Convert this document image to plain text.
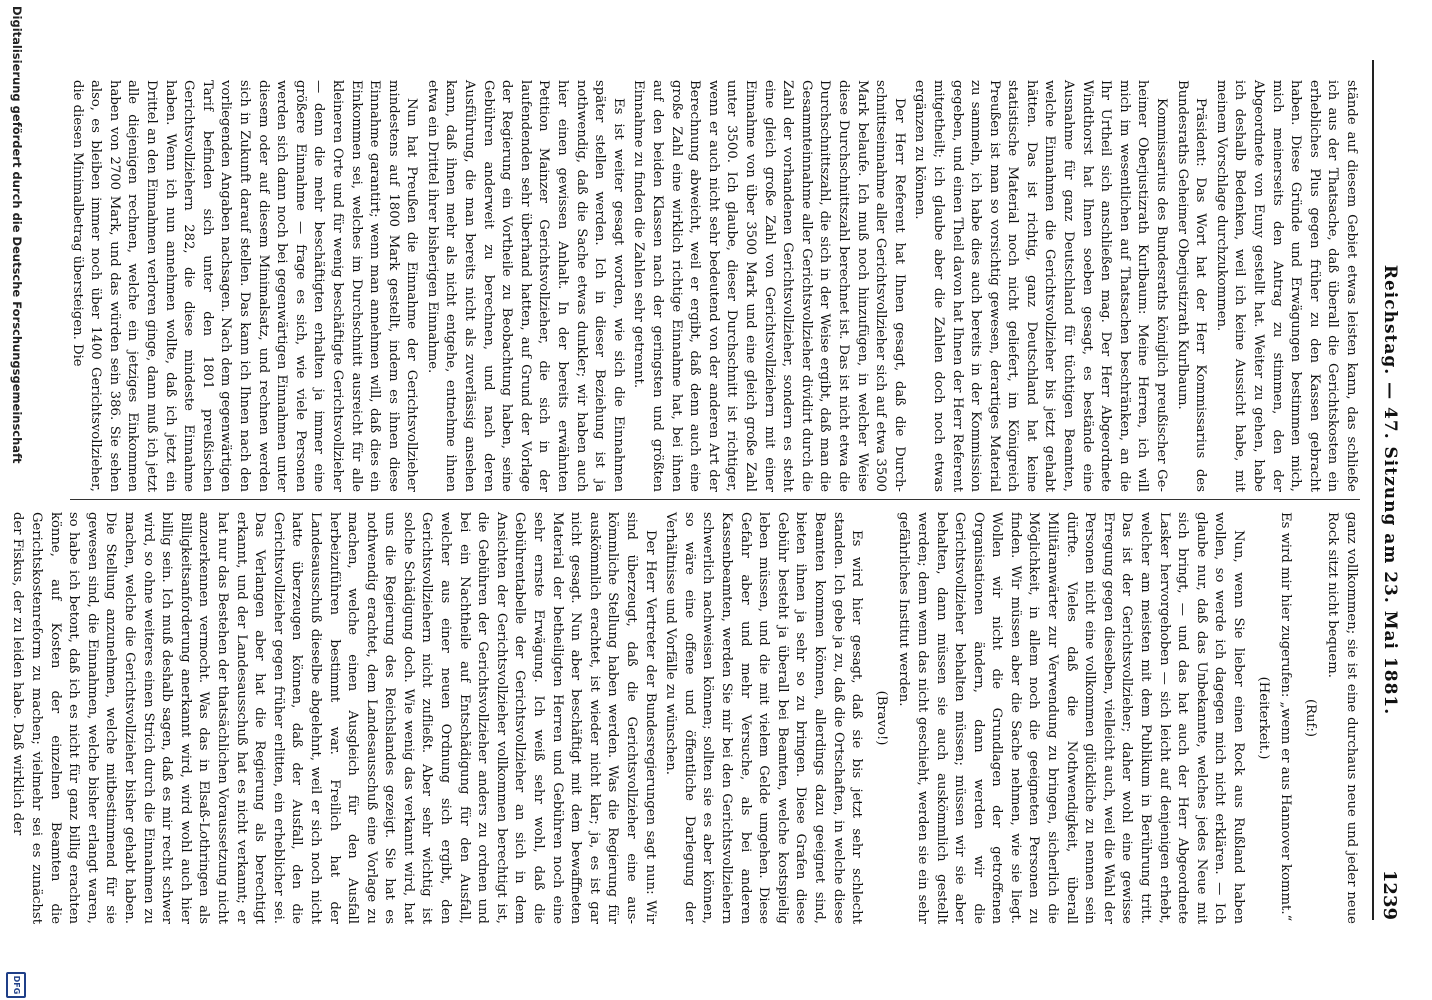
Reichstag. — 47. Sitzung am 23. Mai 1881.
1239

stände auf diesem Gebiet etwas leisten kann, das schließe ich aus der Thatsache, daß überall die Gerichtskosten ein erhebliches Plus gegen früher zu den Kassen gebracht haben. Diese Gründe und Erwägungen bestimmen mich, mich meinerseits den Antrag zu stimmen, den der Abgeordnete von Euny gestellt hat. Weiter zu gehen, habe ich deshalb Bedenken, weil ich keine Aussicht habe, mit meinem Vorschlage durchzukommen.

Präsident: Das Wort hat der Herr Kommissarius des Bundesraths Geheimer Oberjustizrath Kurlbaum.

Kommissarius des Bundesraths königlich preußischer Geheimer Oberjustizrath Kurlbaum: Meine Herren, ich will mich im wesentlichen auf Thatsachen beschränken, an die Ihr Urtheil sich anschließen mag. Der Herr Abgeordnete Windthorst hat Ihnen soeben gesagt, es bestände eine Ausnahme für ganz Deutschland für tüchtigen Beamten, welche Einnahmen die Gerichtsvollzieher bis jetzt gehabt hätten. Das ist richtig, ganz Deutschland hat keine statistische Material noch nicht geliefert, im Königreich Preußen ist man so vorsichtig gewesen, derartiges Material zu sammeln, ich habe dies auch bereits in der Kommission gegeben, und einen Theil davon hat Ihnen der Herr Referent mitgetheilt; ich glaube aber die Zahlen doch noch etwas ergänzen zu können.

Der Herr Referent hat Ihnen gesagt, daß die Durchschnittseinnahme aller Gerichtsvollzieher sich auf etwa 3500 Mark belaufe. Ich muß noch hinzufügen, in welcher Weise diese Durchschnittszahl berechnet ist. Das ist nicht etwa die Durchschnittszahl, die sich in der Weise ergibt, daß man die Gesammteinnahme aller Gerichtsvollzieher dividirt durch die Zahl der vorhandenen Gerichtsvollzieher, sondern es steht eine gleich große Zahl von Gerichtsvollziehern mit einer Einnahme von über 3500 Mark und eine gleich große Zahl unter 3500. Ich glaube, dieser Durchschnitt ist richtiger, wenn er auch nicht sehr bedeutend von der anderen Art der Berechnung abweicht, weil er ergibt, daß denn auch eine große Zahl eine wirklich richtige Einnahme hat, bei ihnen auf den beiden Klassen nach der geringsten und größten Einnahme zu finden die Zahlen sehr getrennt.

Es ist weiter gesagt worden, wie sich die Einnahmen später stellen werden. Ich in dieser Beziehung ist ja nothwendig, daß die Sache etwas dunkler; wir haben auch hier einen gewissen Anhalt. In der bereits erwähnten Petition Mainzer Gerichtsvollzieher, die sich in der laufendenden sehr überhand hatten, auf Grund der Vorlage der Regierung ein Vortheile zu Beobachtung haben, seine Gebühren anderweit zu berechnen, und nach deren Ausführung, die man bereits nicht als zuverlässig ansehen kann, daß ihnen mehr als nicht entgehe, entnehme ihnen etwa ein Drittel ihrer bisherigen Einnahme.

Nun hat Preußen die Einnahme der Gerichtsvollzieher mindestens auf 1800 Mark gestellt, indem es ihnen diese Einnahme garantirt; wenn man annehmen will, daß dies ein Einkommen sei, welches im Durchschnitt ausreicht für alle kleineren Orte und für wenig beschäftigte Gerichtsvollzieher — denn die mehr beschäftigten erhalten ja immer eine größere Einnahme — frage es sich, wie viele Personen werden sich dann noch bei gegenwärtigen Einnahmen unter diesem oder auf diesem Minimalsatz, und rechnen werden sich in Zukunft darauf stellen. Das kann ich Ihnen nach den vorliegenden Angaben nachsagen. Nach dem gegenwärtigen Tarif befinden sich unter den 1801 preußischen Gerichtsvollziehern 282, die diese mindeste Einnahme haben. Wenn ich nun annehmen wollte, daß ich jetzt ein Drittel an den Einnahmen verloren ginge, dann muß ich jetzt alle diejenigen rechnen, welche ein jetziges Einkommen haben von 2700 Mark, und das würden sein 386. Sie sehen also, es bleiben immer noch über 1400 Gerichtsvollzieher, die diesen Minimalbetrag übersteigen. Die

ganz vollkommen; sie ist eine durchaus neue und jeder neue Rock sitzt nicht bequem.

(Ruf:)

Es wird mir hier zugerufen: „wenn er aus Hannover kommt.“

(Heiterkeit.)

Nun, wenn Sie lieber einen Rock aus Rußland haben wollen, so werde ich dagegen mich nicht erklären. — Ich glaube nur, daß das Unbekannte, welches jedes Neue mit sich bringt, — und das hat auch der Herr Abgeordnete Lasker hervorgehoben — sich leicht auf denjenigen erhebt, welcher am meisten mit dem Publikum in Berührung tritt. Das ist der Gerichtsvollzieher; daher wohl eine gewisse Erregung gegen dieselben, vielleicht auch, weil die Wahl der Personen nicht eine vollkommen glückliche zu nennen sein dürfte. Vieles daß die Nothwendigkeit, überall Militäranwärter zur Verwendung zu bringen, sicherlich die Möglichkeit, in allem noch die geeigneten Personen zu finden. Wir müssen aber die Sache nehmen, wie sie liegt. Wollen wir nicht die Grundlagen der getroffenen Organisationen ändern, dann werden wir die Gerichtsvollzieher behalten müssen; müssen wir sie aber behalten, dann müssen sie auch auskömmlich gestellt werden; denn wenn das nicht geschieht, werden sie ein sehr gefährliches Institut werden.

(Bravo!)

Es wird hier gesagt, daß sie bis jetzt sehr schlecht standen. Ich gebe ja zu, daß die Ortschaften, in welche diese Beamten kommen können, allerdings dazu geeignet sind, bieten ihnen ja sehr so zu bringen. Diese Grafen diese Gebühr besteht ja überall bei Beamten, welche kostspielig leben müssen, und die mit vielem Gelde umgehen. Diese Gefahr aber und mehr Versuche, als bei anderen Kassenbeamten, werden Sie mir bei den Gerichtsvollziehern schwerlich nachweisen können; sollten sie es aber können, so wäre eine offene und öffentliche Darlegung der Verhältnisse und Vorfälle zu wünschen.

Der Herr Vertreter der Bundesregierungen sagt nun: Wir sind überzeugt, daß die Gerichtsvollzieher eine auskömmliche Stellung haben werden. Was die Regierung für auskömmlich erachtet, ist wieder nicht klar; ja, es ist gar nicht gesagt. Nun aber beschäftigt mit dem bewaffneten Material der betheiligten Herren und Gebühren noch eine sehr ernste Erwägung. Ich weiß sehr wohl, daß die Gebührentabelle der Gerichtsvollzieher an sich in dem Ansichten der Gerichtsvollzieher vollkommen berechtigt ist, die Gebühren der Gerichtsvollzieher anders zu ordnen und bei ein Nachtheile auf Entschädigung für den Ausfall, welcher aus einer neuen Ordnung sich ergibt, den Gerichtsvollziehern nicht zufließt. Aber sehr wichtig ist solche Schädigung doch. Wie wenig das verkannt wird, hat uns die Regierung des Reichslandes gezeigt. Sie hat es nothwendig erachtet, dem Landesausschuß eine Vorlage zu machen, welche einen Ausgleich für den Ausfall herbeizuführen bestimmt war. Freilich hat der Landesausschuß dieselbe abgelehnt, weil er sich noch nicht hatte überzeugen können, daß der Ausfall, den die Gerichtsvollzieher gegen früher erlitten, ein erheblicher sei. Das Verlangen aber hat die Regierung als berechtigt erkannt, und der Landesausschuß hat es nicht verkannt; er hat nur das Bestehen der thatsächlichen Voraussetzung nicht anzuerkennen vermocht. Was das in Elsaß-Lothringen als Billigkeitsanforderung anerkannt wird, wird wohl auch hier billig sein. Ich muß deshalb sagen, daß es mir recht schwer wird, so ohne weiteres einen Strich durch die Einnahmen zu machen, welche die Gerichtsvollzieher bisher gehabt haben. Die Stellung anzunehmen, welche mitbestimmend für sie gewesen sind, die Einnahmen, welche bisher erlangt waren, so habe ich betont, daß ich es nicht für ganz billig erachten könne, auf Kosten der einzelnen Beamten die Gerichtskostenreform zu machen; vielmehr sei es zunächst der Fiskus, der zu leiden habe. Daß wirklich der

Digitalisierung gefördert durch die Deutsche Forschungsgemeinschaft
DFG
